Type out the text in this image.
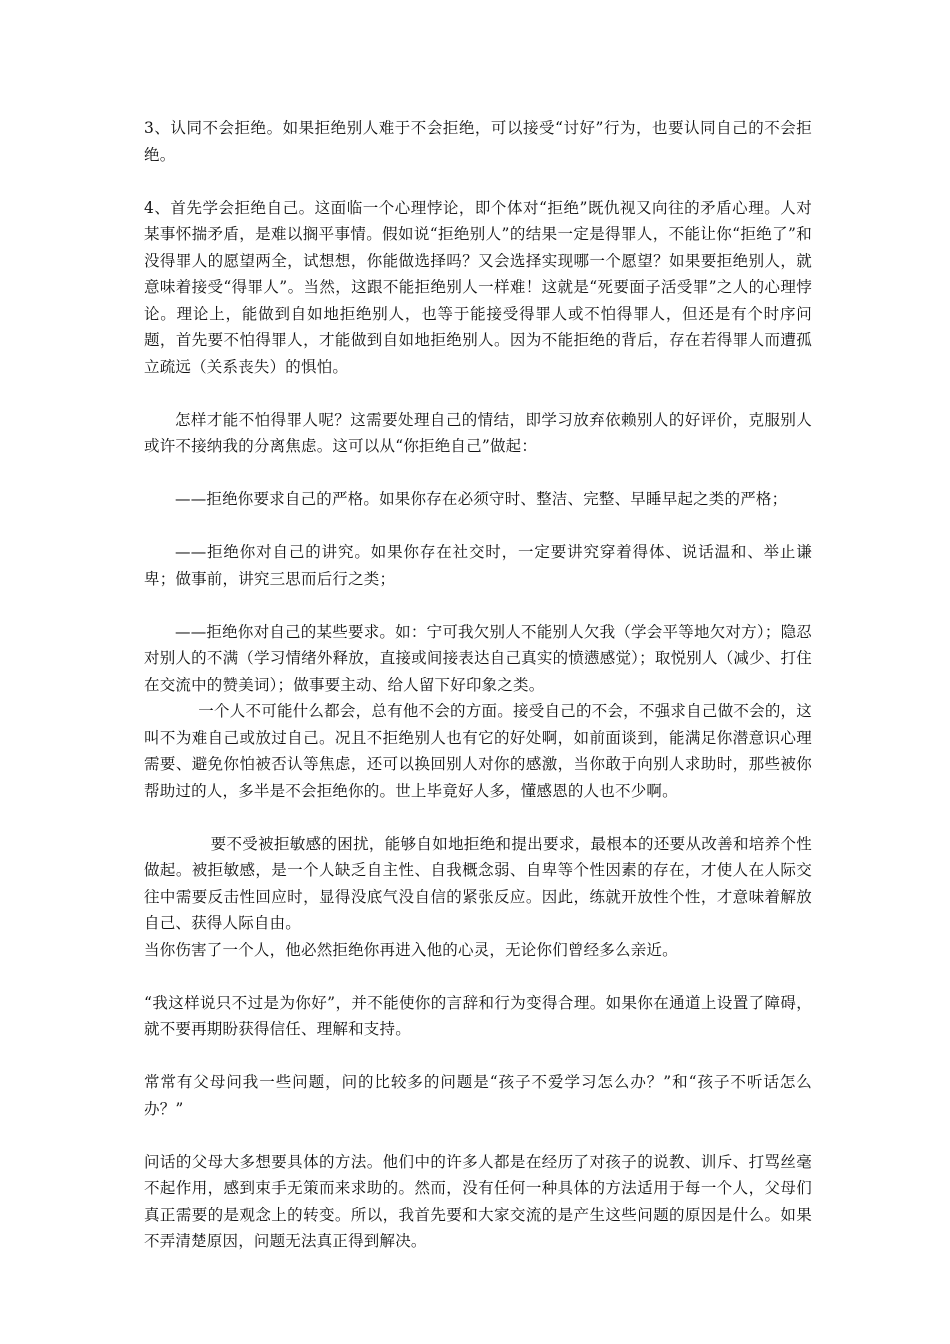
3、认同不会拒绝。如果拒绝别人难于不会拒绝，可以接受“讨好”行为，也要认同自己的不会拒绝。

4、首先学会拒绝自己。这面临一个心理悖论，即个体对“拒绝”既仇视又向往的矛盾心理。人对某事怀揣矛盾，是难以搁平事情。假如说“拒绝别人”的结果一定是得罪人，不能让你“拒绝了”和没得罪人的愿望两全，试想想，你能做选择吗？又会选择实现哪一个愿望？如果要拒绝别人，就意味着接受“得罪人”。当然，这跟不能拒绝别人一样难！这就是“死要面子活受罪”之人的心理悖论。理论上，能做到自如地拒绝别人，也等于能接受得罪人或不怕得罪人，但还是有个时序问题，首先要不怕得罪人，才能做到自如地拒绝别人。因为不能拒绝的背后，存在若得罪人而遭孤立疏远（关系丧失）的惧怕。

怎样才能不怕得罪人呢？这需要处理自己的情结，即学习放弃依赖别人的好评价，克服别人或许不接纳我的分离焦虑。这可以从“你拒绝自己”做起：

——拒绝你要求自己的严格。如果你存在必须守时、整洁、完整、早睡早起之类的严格；

——拒绝你对自己的讲究。如果你存在社交时，一定要讲究穿着得体、说话温和、举止谦卑；做事前，讲究三思而后行之类；

——拒绝你对自己的某些要求。如：宁可我欠别人不能别人欠我（学会平等地欠对方）；隐忍对别人的不满（学习情绪外释放，直接或间接表达自己真实的愤懑感觉）；取悦别人（减少、打住在交流中的赞美词）；做事要主动、给人留下好印象之类。

一个人不可能什么都会，总有他不会的方面。接受自己的不会，不强求自己做不会的，这叫不为难自己或放过自己。况且不拒绝别人也有它的好处啊，如前面谈到，能满足你潜意识心理需要、避免你怕被否认等焦虑，还可以换回别人对你的感激，当你敢于向别人求助时，那些被你帮助过的人，多半是不会拒绝你的。世上毕竟好人多，懂感恩的人也不少啊。

要不受被拒敏感的困扰，能够自如地拒绝和提出要求，最根本的还要从改善和培养个性做起。被拒敏感，是一个人缺乏自主性、自我概念弱、自卑等个性因素的存在，才使人在人际交往中需要反击性回应时，显得没底气没自信的紧张反应。因此，练就开放性个性，才意味着解放自己、获得人际自由。

当你伤害了一个人，他必然拒绝你再进入他的心灵，无论你们曾经多么亲近。

“我这样说只不过是为你好”，并不能使你的言辞和行为变得合理。如果你在通道上设置了障碍，就不要再期盼获得信任、理解和支持。

常常有父母问我一些问题，问的比较多的问题是“孩子不爱学习怎么办？”和“孩子不听话怎么办？”

问话的父母大多想要具体的方法。他们中的许多人都是在经历了对孩子的说教、训斥、打骂丝毫不起作用，感到束手无策而来求助的。然而，没有任何一种具体的方法适用于每一个人，父母们真正需要的是观念上的转变。所以，我首先要和大家交流的是产生这些问题的原因是什么。如果不弄清楚原因，问题无法真正得到解决。
